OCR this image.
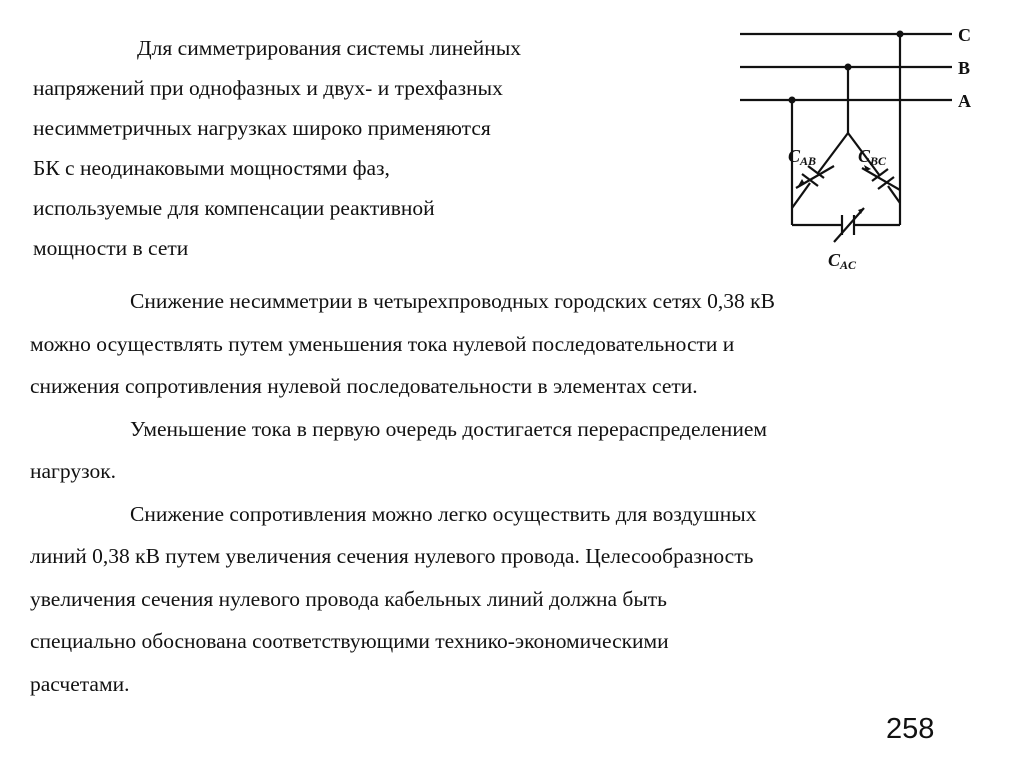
Для симметрирования системы линейных
напряжений при однофазных и двух- и трехфазных
несимметричных нагрузках широко применяются
БК с неодинаковыми мощностями фаз,
используемые для компенсации реактивной
мощности в сети
C
B
A
CAB CBC
CAC
Снижение несимметрии в четырехпроводных городских сетях 0,38 кВ
можно осуществлять путем уменьшения тока нулевой последовательности и
снижения сопротивления нулевой последовательности в элементах сети.
Уменьшение тока в первую очередь достигается перераспределением
нагрузок.
Снижение сопротивления можно легко осуществить для воздушных
линий 0,38 кВ путем увеличения сечения нулевого провода. Целесообразность
увеличения сечения нулевого провода кабельных линий должна быть
специально обоснована соответствующими технико-экономическими
расчетами.
258
